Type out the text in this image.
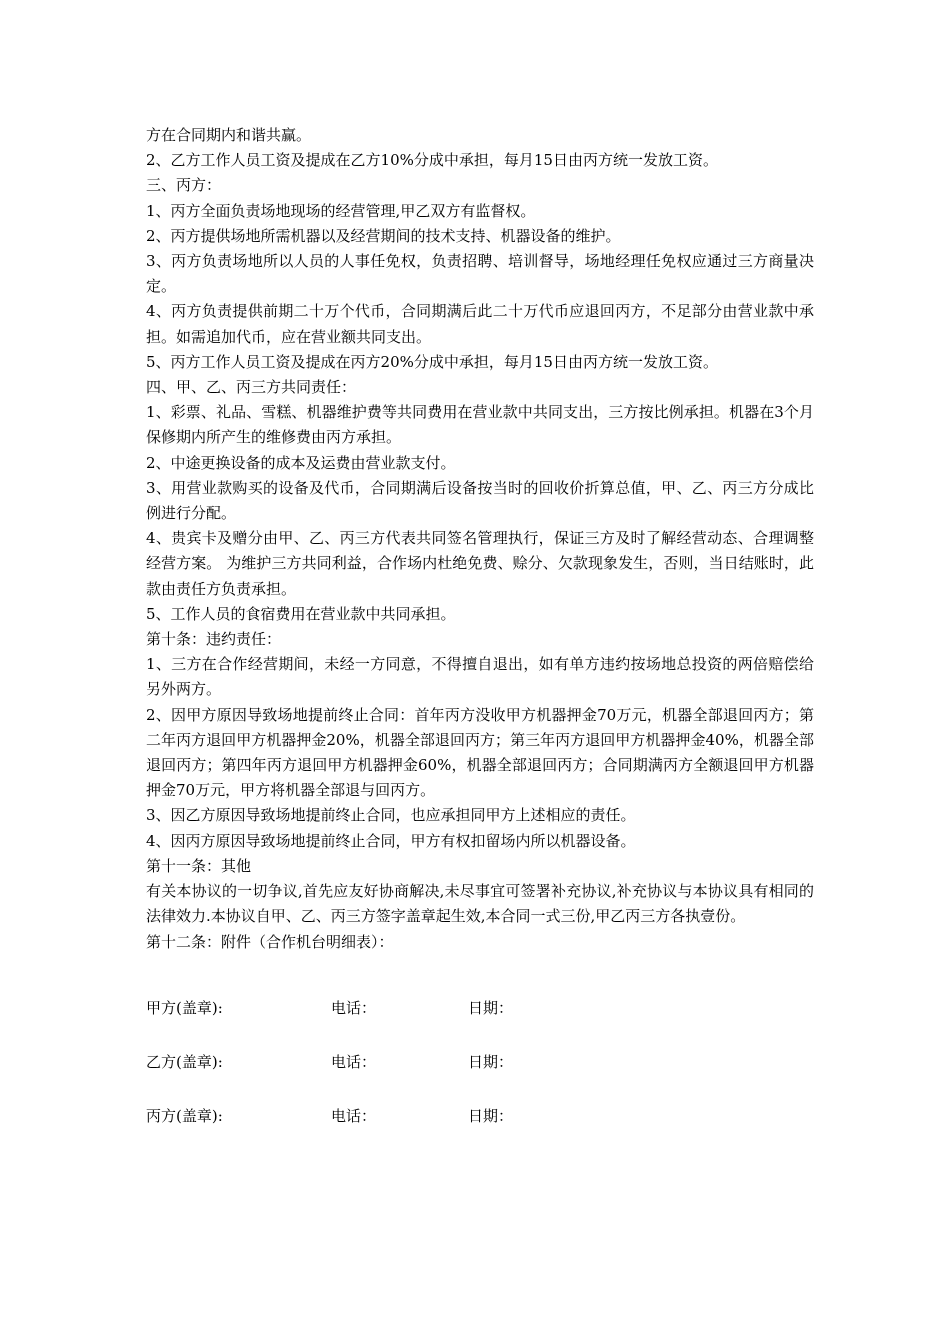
方在合同期内和谐共赢。

2、乙方工作人员工资及提成在乙方10%分成中承担，每月15日由丙方统一发放工资。

三、丙方：

1、丙方全面负责场地现场的经营管理,甲乙双方有监督权。

2、丙方提供场地所需机器以及经营期间的技术支持、机器设备的维护。

3、丙方负责场地所以人员的人事任免权，负责招聘、培训督导，场地经理任免权应通过三方商量决定。

4、丙方负责提供前期二十万个代币，合同期满后此二十万代币应退回丙方，不足部分由营业款中承担。如需追加代币，应在营业额共同支出。

5、丙方工作人员工资及提成在丙方20%分成中承担，每月15日由丙方统一发放工资。

四、甲、乙、丙三方共同责任：

1、彩票、礼品、雪糕、机器维护费等共同费用在营业款中共同支出，三方按比例承担。机器在3个月保修期内所产生的维修费由丙方承担。

2、中途更换设备的成本及运费由营业款支付。

3、用营业款购买的设备及代币，合同期满后设备按当时的回收价折算总值，甲、乙、丙三方分成比例进行分配。

4、贵宾卡及赠分由甲、乙、丙三方代表共同签名管理执行，保证三方及时了解经营动态、合理调整经营方案。 为维护三方共同利益，合作场内杜绝免费、赊分、欠款现象发生，否则，当日结账时，此款由责任方负责承担。

5、工作人员的食宿费用在营业款中共同承担。

第十条：违约责任：

1、三方在合作经营期间，未经一方同意，不得擅自退出，如有单方违约按场地总投资的两倍赔偿给另外两方。

2、因甲方原因导致场地提前终止合同：首年丙方没收甲方机器押金70万元，机器全部退回丙方；第二年丙方退回甲方机器押金20%，机器全部退回丙方；第三年丙方退回甲方机器押金40%，机器全部退回丙方；第四年丙方退回甲方机器押金60%，机器全部退回丙方；合同期满丙方全额退回甲方机器押金70万元，甲方将机器全部退与回丙方。

3、因乙方原因导致场地提前终止合同，也应承担同甲方上述相应的责任。

4、因丙方原因导致场地提前终止合同，甲方有权扣留场内所以机器设备。

第十一条：其他

有关本协议的一切争议,首先应友好协商解决,未尽事宜可签署补充协议,补充协议与本协议具有相同的法律效力.本协议自甲、乙、丙三方签字盖章起生效,本合同一式三份,甲乙丙三方各执壹份。

第十二条：附件（合作机台明细表）：

甲方(盖章):	电话：	日期：
乙方(盖章):	电话：	日期：
丙方(盖章):	电话：	日期：
